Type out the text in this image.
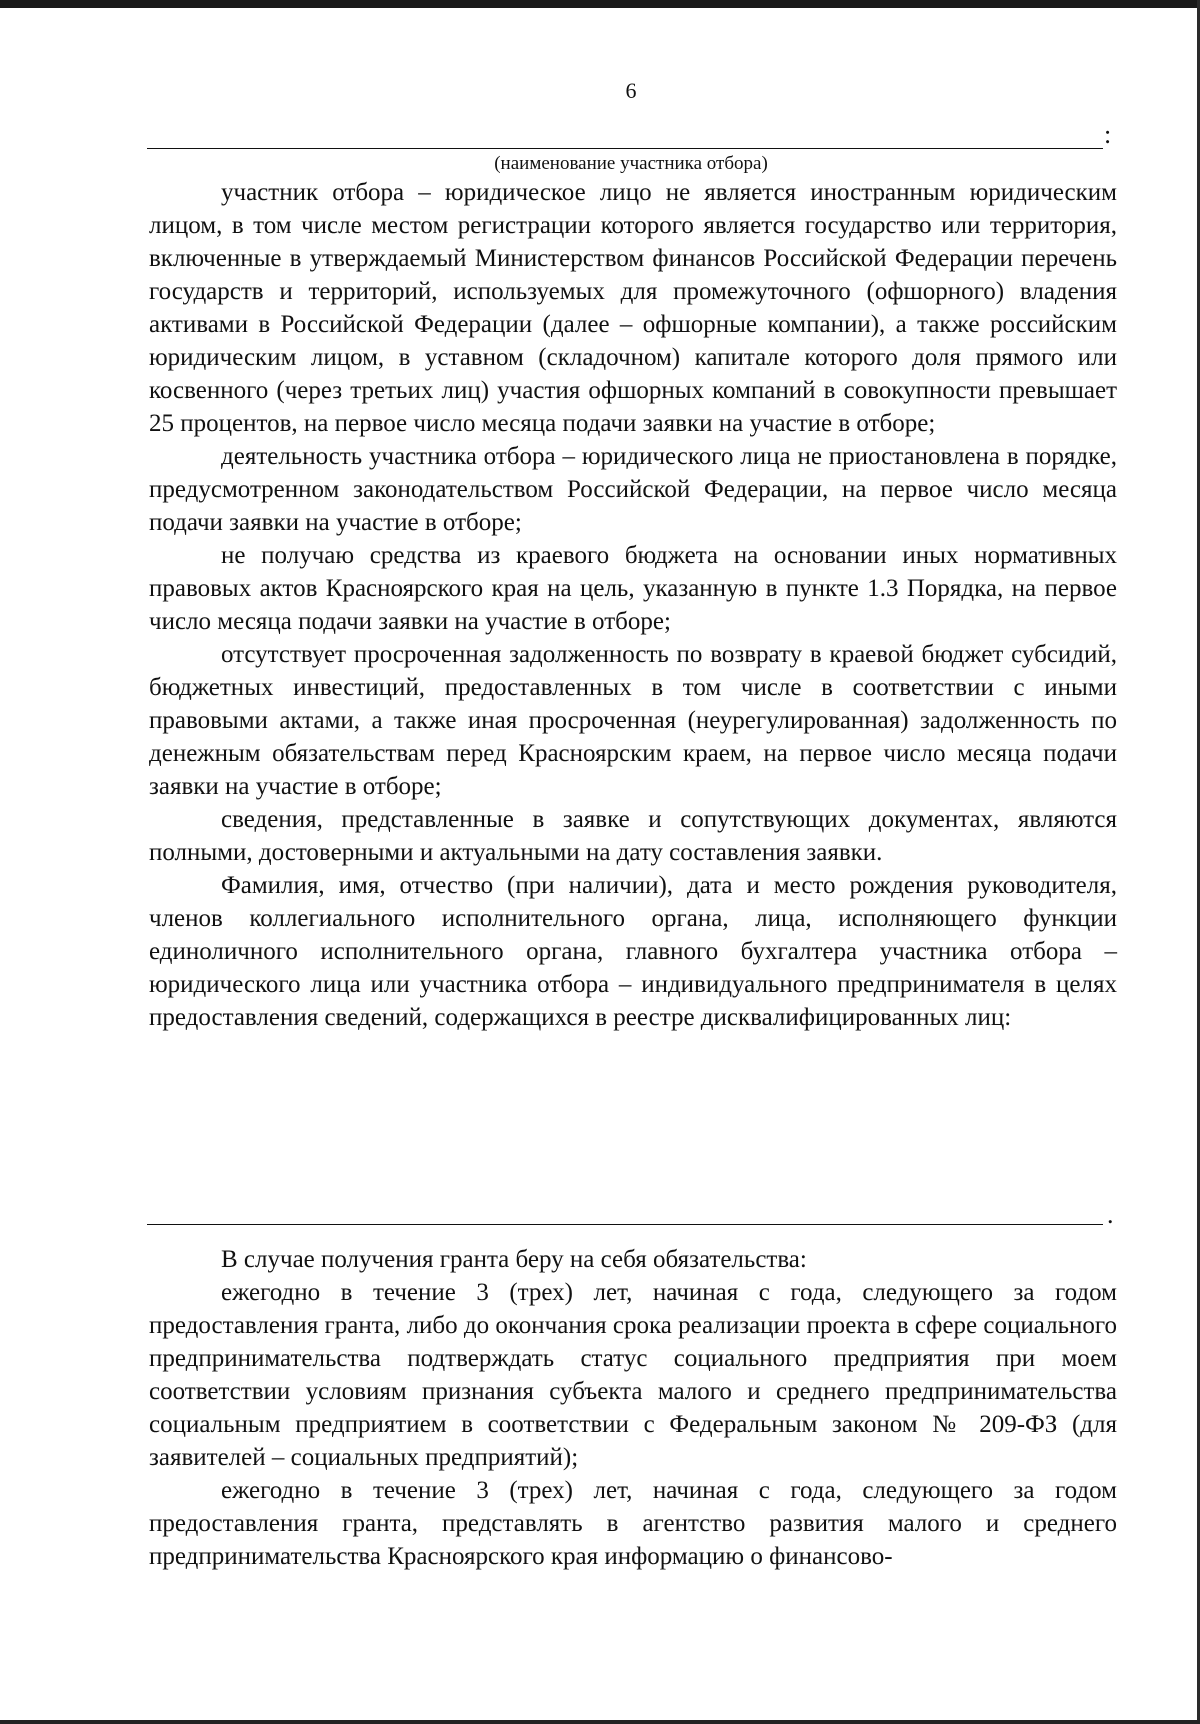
6
:
(наименование участника отбора)

участник отбора – юридическое лицо не является иностранным юридическим лицом, в том числе местом регистрации которого является государство или территория, включенные в утверждаемый Министерством финансов Российской Федерации перечень государств и территорий, используемых для промежуточного (офшорного) владения активами в Российской Федерации (далее – офшорные компании), а также российским юридическим лицом, в уставном (складочном) капитале которого доля прямого или косвенного (через третьих лиц) участия офшорных компаний в совокупности превышает 25 процентов, на первое число месяца подачи заявки на участие в отборе;

деятельность участника отбора – юридического лица не приостановлена в порядке, предусмотренном законодательством Российской Федерации, на первое число месяца подачи заявки на участие в отборе;

не получаю средства из краевого бюджета на основании иных нормативных правовых актов Красноярского края на цель, указанную в пункте 1.3 Порядка, на первое число месяца подачи заявки на участие в отборе;

отсутствует просроченная задолженность по возврату в краевой бюджет субсидий, бюджетных инвестиций, предоставленных в том числе в соответствии с иными правовыми актами, а также иная просроченная (неурегулированная) задолженность по денежным обязательствам перед Красноярским краем, на первое число месяца подачи заявки на участие в отборе;

сведения, представленные в заявке и сопутствующих документах, являются полными, достоверными и актуальными на дату составления заявки.

Фамилия, имя, отчество (при наличии), дата и место рождения руководителя, членов коллегиального исполнительного органа, лица, исполняющего функции единоличного исполнительного органа, главного бухгалтера участника отбора – юридического лица или участника отбора – индивидуального предпринимателя в целях предоставления сведений, содержащихся в реестре дисквалифицированных лиц:

.

В случае получения гранта беру на себя обязательства:

ежегодно в течение 3 (трех) лет, начиная с года, следующего за годом предоставления гранта, либо до окончания срока реализации проекта в сфере социального предпринимательства подтверждать статус социального предприятия при моем соответствии условиям признания субъекта малого и среднего предпринимательства социальным предприятием в соответствии с Федеральным законом № 209-ФЗ (для заявителей – социальных предприятий);

ежегодно в течение 3 (трех) лет, начиная с года, следующего за годом предоставления гранта, представлять в агентство развития малого и среднего предпринимательства Красноярского края информацию о финансово-
